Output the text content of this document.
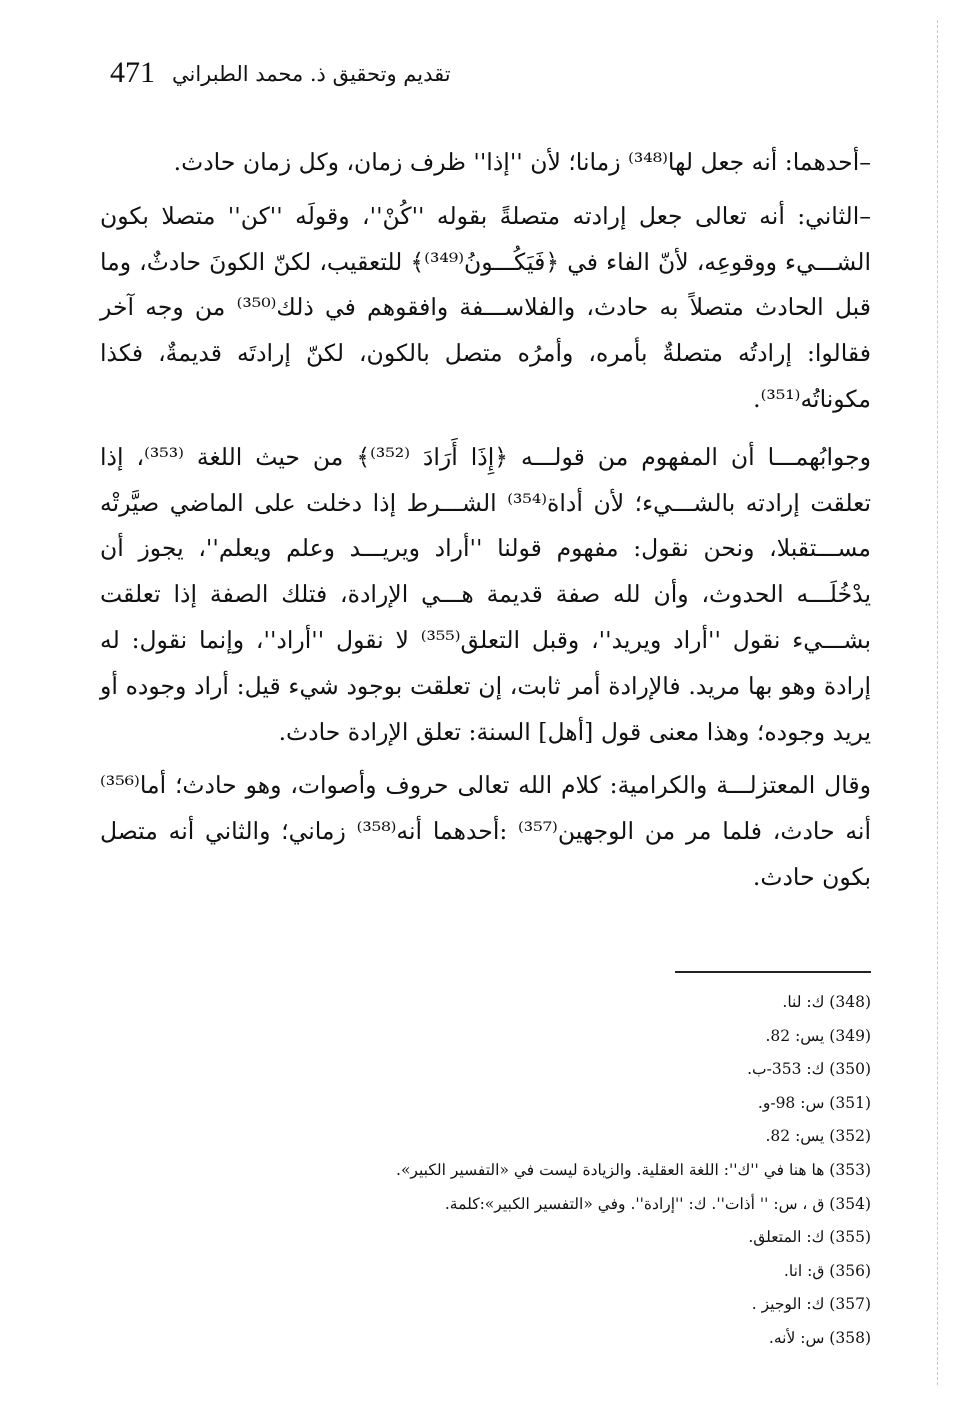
471 تقديم وتحقيق ذ. محمد الطبراني

–أحدهما: أنه جعل لها⁽³⁴⁸⁾ زمانا؛ لأن ''إذا'' ظرف زمان، وكل زمان حادث.

–الثاني: أنه تعالى جعل إرادته متصلةً بقوله ''كُنْ''، وقولَه ''كن'' متصلا بكون الشـــيء ووقوعِه، لأنّ الفاء في ﴿فَيَكُـــونُ⁽³⁴⁹⁾﴾ للتعقيب، لكنّ الكونَ حادثٌ، وما قبل الحادث متصلاً به حادث، والفلاســـفة وافقوهم في ذلك⁽³⁵⁰⁾ من وجه آخر فقالوا: إرادتُه متصلةٌ بأمره، وأمرُه متصل بالكون، لكنّ إرادتَه قديمةٌ، فكذا مكوناتُه⁽³⁵¹⁾.

وجوابُهمـــا أن المفهوم من قولـــه ﴿إِذَا أَرَادَ ⁽³⁵²⁾﴾ من حيث اللغة ⁽³⁵³⁾، إذا تعلقت إرادته بالشـــيء؛ لأن أداة⁽³⁵⁴⁾ الشـــرط إذا دخلت على الماضي صيَّرتْه مســـتقبلا، ونحن نقول: مفهوم قولنا ''أراد ويريـــد وعلم ويعلم''، يجوز أن يدْخُلَـــه الحدوث، وأن لله صفة قديمة هـــي الإرادة، فتلك الصفة إذا تعلقت بشـــيء نقول ''أراد ويريد''، وقبل التعلق⁽³⁵⁵⁾ لا نقول ''أراد''، وإنما نقول: له إرادة وهو بها مريد. فالإرادة أمر ثابت، إن تعلقت بوجود شيء قيل: أراد وجوده أو يريد وجوده؛ وهذا معنى قول [أهل] السنة: تعلق الإرادة حادث.

وقال المعتزلـــة والكرامية: كلام الله تعالى حروف وأصوات، وهو حادث؛ أما⁽³⁵⁶⁾ أنه حادث، فلما مر من الوجهين⁽³⁵⁷⁾ :أحدهما أنه⁽³⁵⁸⁾ زماني؛ والثاني أنه متصل بكون حادث.

(348) ك: لنا.
(349) يس: 82.
(350) ك: 353-ب.
(351) س: 98-و.
(352) يس: 82.
(353) ها هنا في ''ك'': اللغة العقلية. والزيادة ليست في «التفسير الكبير».
(354) ق ، س: '' أذات''. ك: ''إرادة''. وفي «التفسير الكبير»:كلمة.
(355) ك: المتعلق.
(356) ق: انا.
(357) ك: الوجيز .
(358) س: لأنه.
